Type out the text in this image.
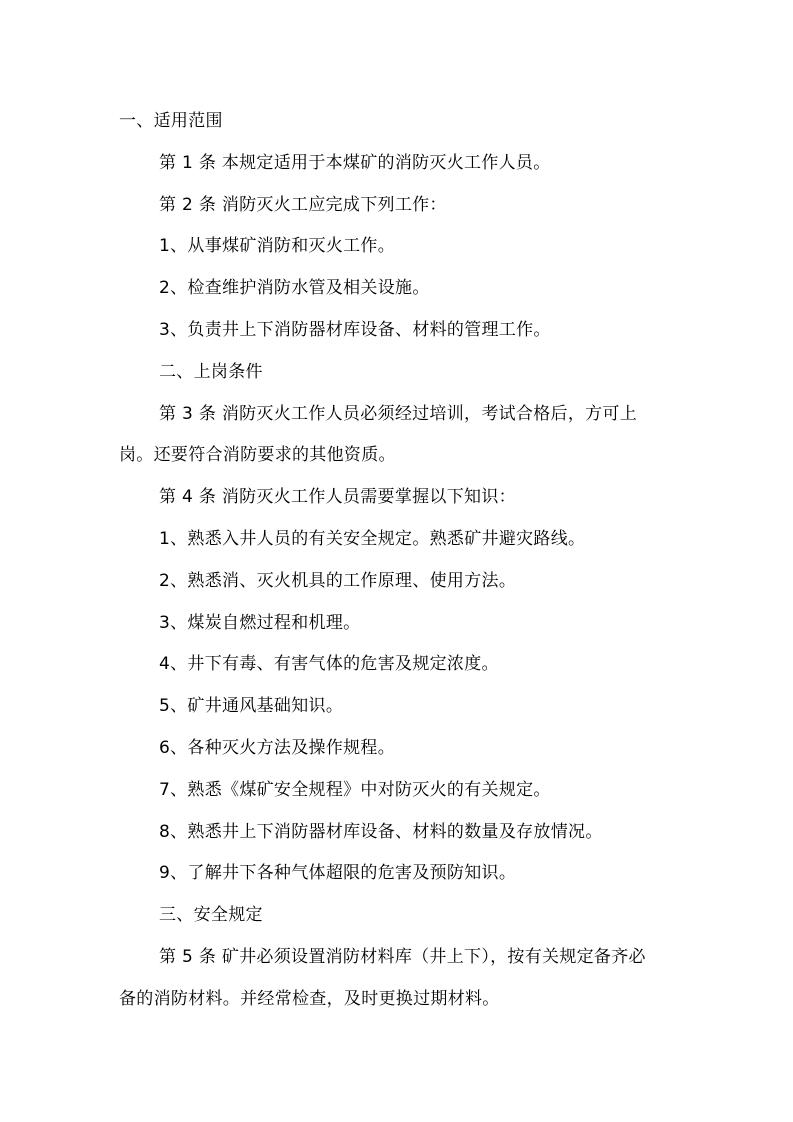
一、适用范围
第 1 条 本规定适用于本煤矿的消防灭火工作人员。
第 2 条 消防灭火工应完成下列工作：
1、从事煤矿消防和灭火工作。
2、检查维护消防水管及相关设施。
3、负责井上下消防器材库设备、材料的管理工作。
二、上岗条件
第 3 条 消防灭火工作人员必须经过培训，考试合格后，方可上
岗。还要符合消防要求的其他资质。
第 4 条 消防灭火工作人员需要掌握以下知识：
1、熟悉入井人员的有关安全规定。熟悉矿井避灾路线。
2、熟悉消、灭火机具的工作原理、使用方法。
3、煤炭自燃过程和机理。
4、井下有毒、有害气体的危害及规定浓度。
5、矿井通风基础知识。
6、各种灭火方法及操作规程。
7、熟悉《煤矿安全规程》中对防灭火的有关规定。
8、熟悉井上下消防器材库设备、材料的数量及存放情况。
9、了解井下各种气体超限的危害及预防知识。
三、安全规定
第 5 条 矿井必须设置消防材料库（井上下），按有关规定备齐必
备的消防材料。并经常检查，及时更换过期材料。
